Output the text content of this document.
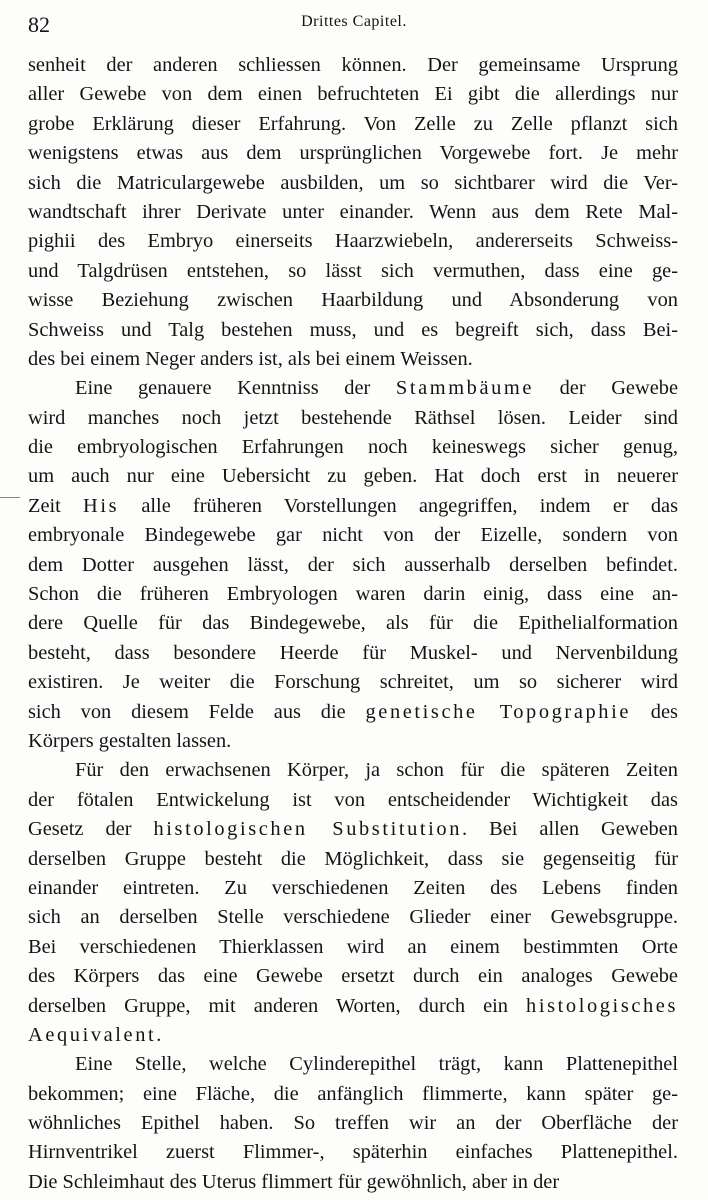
82	Drittes Capitel.
senheit der anderen schliessen können. Der gemeinsame Ursprung
aller Gewebe von dem einen befruchteten Ei gibt die allerdings nur
grobe Erklärung dieser Erfahrung. Von Zelle zu Zelle pflanzt sich
wenigstens etwas aus dem ursprünglichen Vorgewebe fort. Je mehr
sich die Matriculargewebe ausbilden, um so sichtbarer wird die Ver-
wandtschaft ihrer Derivate unter einander. Wenn aus dem Rete Mal-
pighii des Embryo einerseits Haarzwiebeln, andererseits Schweiss-
und Talgdrüsen entstehen, so lässt sich vermuthen, dass eine ge-
wisse Beziehung zwischen Haarbildung und Absonderung von
Schweiss und Talg bestehen muss, und es begreift sich, dass Bei-
des bei einem Neger anders ist, als bei einem Weissen.
Eine genauere Kenntniss der Stammbäume der Gewebe
wird manches noch jetzt bestehende Räthsel lösen. Leider sind
die embryologischen Erfahrungen noch keineswegs sicher genug,
um auch nur eine Uebersicht zu geben. Hat doch erst in neuerer
Zeit His alle früheren Vorstellungen angegriffen, indem er das
embryonale Bindegewebe gar nicht von der Eizelle, sondern von
dem Dotter ausgehen lässt, der sich ausserhalb derselben befindet.
Schon die früheren Embryologen waren darin einig, dass eine an-
dere Quelle für das Bindegewebe, als für die Epithelialformation
besteht, dass besondere Heerde für Muskel- und Nervenbildung
existiren. Je weiter die Forschung schreitet, um so sicherer wird
sich von diesem Felde aus die genetische Topographie des
Körpers gestalten lassen.
Für den erwachsenen Körper, ja schon für die späteren Zeiten
der fötalen Entwickelung ist von entscheidender Wichtigkeit das
Gesetz der histologischen Substitution. Bei allen Geweben
derselben Gruppe besteht die Möglichkeit, dass sie gegenseitig für
einander eintreten. Zu verschiedenen Zeiten des Lebens finden
sich an derselben Stelle verschiedene Glieder einer Gewebsgruppe.
Bei verschiedenen Thierklassen wird an einem bestimmten Orte
des Körpers das eine Gewebe ersetzt durch ein analoges Gewebe
derselben Gruppe, mit anderen Worten, durch ein histologisches
Aequivalent.
Eine Stelle, welche Cylinderepithel trägt, kann Plattenepithel
bekommen; eine Fläche, die anfänglich flimmerte, kann später ge-
wöhnliches Epithel haben. So treffen wir an der Oberfläche der
Hirnventrikel zuerst Flimmer-, späterhin einfaches Plattenepithel.
Die Schleimhaut des Uterus flimmert für gewöhnlich, aber in der
